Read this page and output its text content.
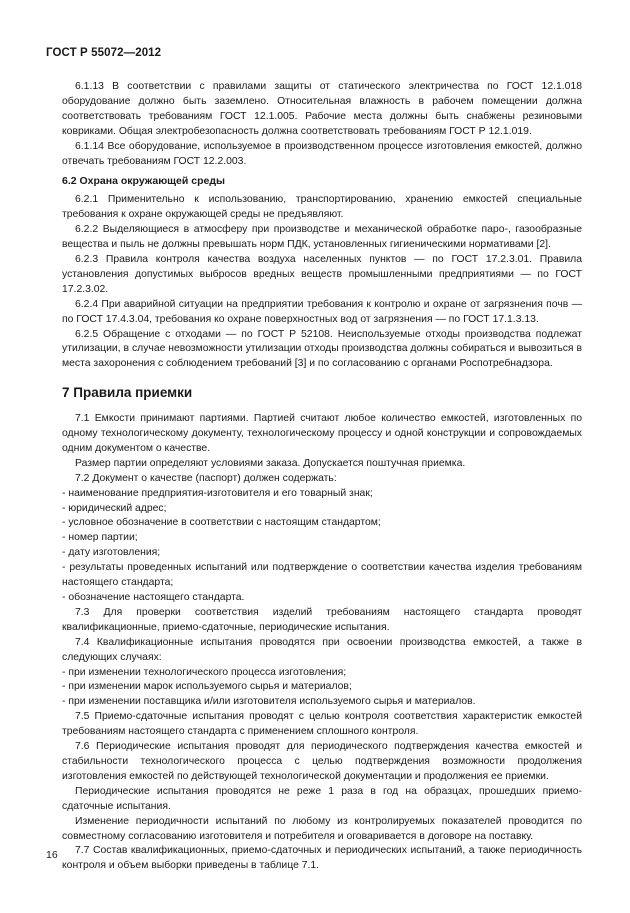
ГОСТ Р 55072—2012

6.1.13 В соответствии с правилами защиты от статического электричества по ГОСТ 12.1.018 оборудование должно быть заземлено. Относительная влажность в рабочем помещении должна соответствовать требованиям ГОСТ 12.1.005. Рабочие места должны быть снабжены резиновыми ковриками. Общая электробезопасность должна соответствовать требованиям ГОСТ Р 12.1.019.

6.1.14 Все оборудование, используемое в производственном процессе изготовления емкостей, должно отвечать требованиям ГОСТ 12.2.003.

6.2 Охрана окружающей среды

6.2.1 Применительно к использованию, транспортированию, хранению емкостей специальные требования к охране окружающей среды не предъявляют.

6.2.2 Выделяющиеся в атмосферу при производстве и механической обработке паро-, газообразные вещества и пыль не должны превышать норм ПДК, установленных гигиеническими нормативами [2].

6.2.3 Правила контроля качества воздуха населенных пунктов — по ГОСТ 17.2.3.01. Правила установления допустимых выбросов вредных веществ промышленными предприятиями — по ГОСТ 17.2.3.02.

6.2.4 При аварийной ситуации на предприятии требования к контролю и охране от загрязнения почв — по ГОСТ 17.4.3.04, требования ко охране поверхностных вод от загрязнения — по ГОСТ 17.1.3.13.

6.2.5 Обращение с отходами — по ГОСТ Р 52108. Неиспользуемые отходы производства подлежат утилизации, в случае невозможности утилизации отходы производства должны собираться и вывозиться в места захоронения с соблюдением требований [3] и по согласованию с органами Роспотребнадзора.

7 Правила приемки

7.1 Емкости принимают партиями. Партией считают любое количество емкостей, изготовленных по одному технологическому документу, технологическому процессу и одной конструкции и сопровождаемых одним документом о качестве.

Размер партии определяют условиями заказа. Допускается поштучная приемка.

7.2 Документ о качестве (паспорт) должен содержать:

- наименование предприятия-изготовителя и его товарный знак;

- юридический адрес;

- условное обозначение в соответствии с настоящим стандартом;

- номер партии;

- дату изготовления;

- результаты проведенных испытаний или подтверждение о соответствии качества изделия требованиям настоящего стандарта;

- обозначение настоящего стандарта.

7.3 Для проверки соответствия изделий требованиям настоящего стандарта проводят квалификационные, приемо-сдаточные, периодические испытания.

7.4 Квалификационные испытания проводятся при освоении производства емкостей, а также в следующих случаях:

- при изменении технологического процесса изготовления;

- при изменении марок используемого сырья и материалов;

- при изменении поставщика и/или изготовителя используемого сырья и материалов.

7.5 Приемо-сдаточные испытания проводят с целью контроля соответствия характеристик емкостей требованиям настоящего стандарта с применением сплошного контроля.

7.6 Периодические испытания проводят для периодического подтверждения качества емкостей и стабильности технологического процесса с целью подтверждения возможности продолжения изготовления емкостей по действующей технологической документации и продолжения ее приемки.

Периодические испытания проводятся не реже 1 раза в год на образцах, прошедших приемо-сдаточные испытания.

Изменение периодичности испытаний по любому из контролируемых показателей проводится по совместному согласованию изготовителя и потребителя и оговаривается в договоре на поставку.

7.7 Состав квалификационных, приемо-сдаточных и периодических испытаний, а также периодичность контроля и объем выборки приведены в таблице 7.1.

16
